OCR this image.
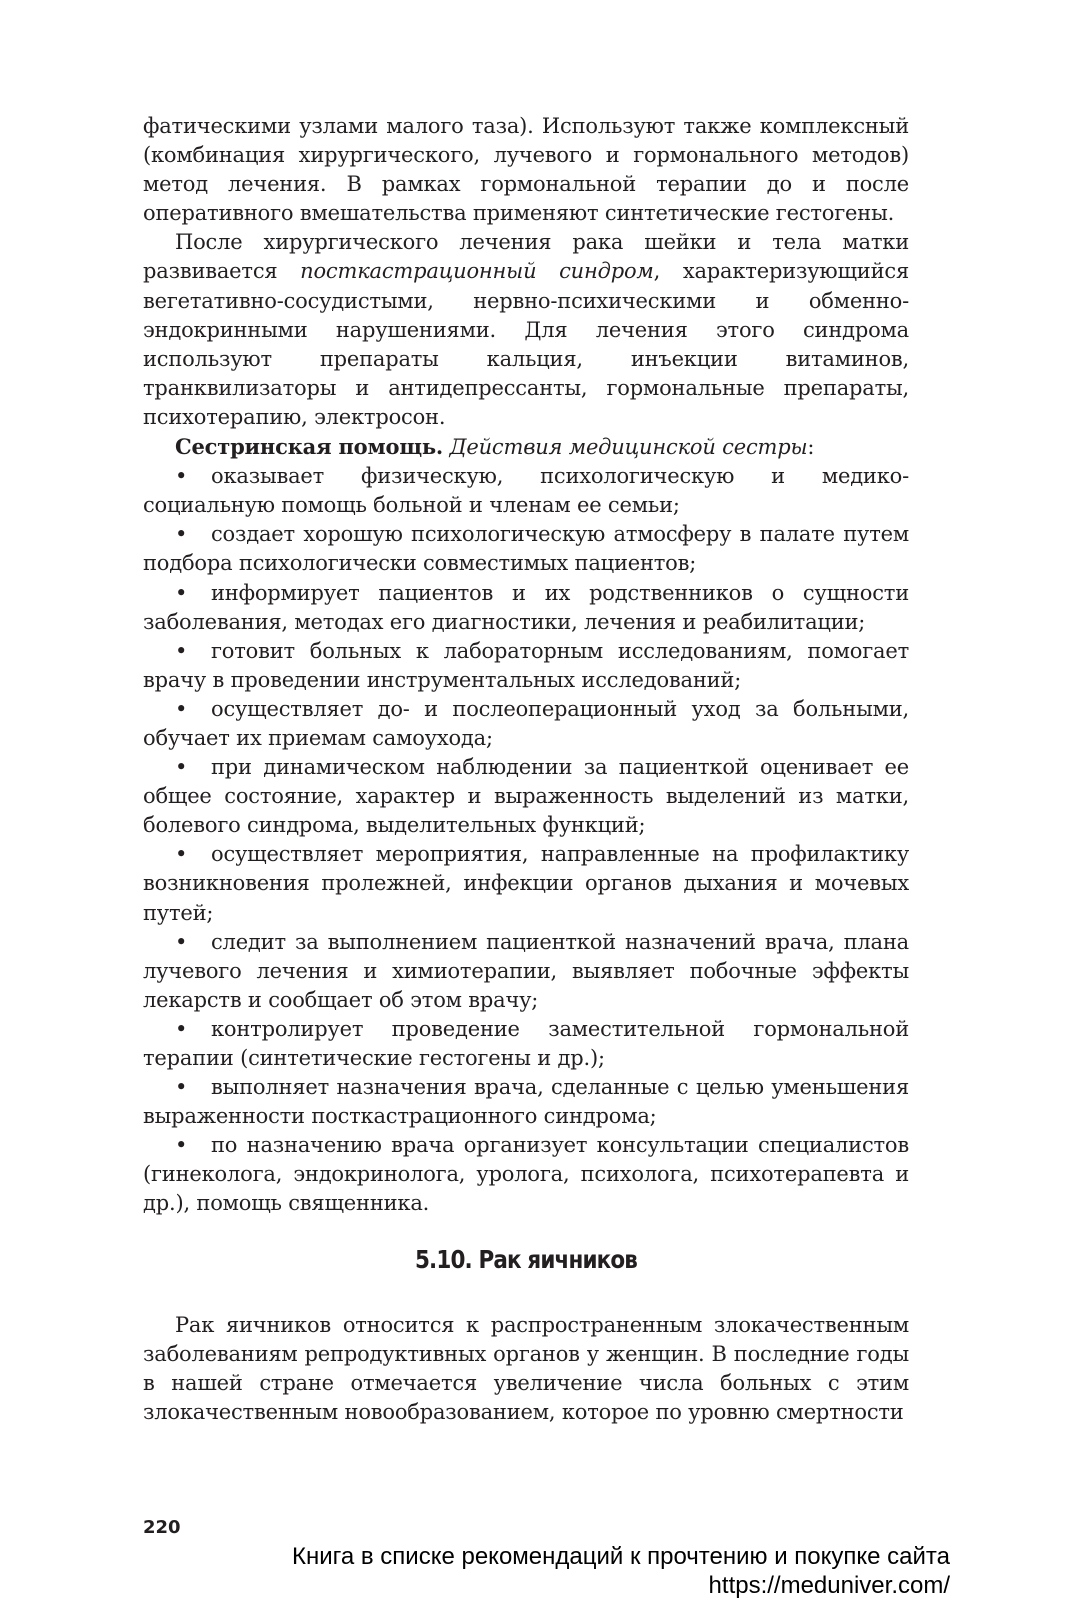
фатическими узлами малого таза). Используют также комплексный (комбинация хирургического, лучевого и гормонального методов) метод лечения. В рамках гормональной терапии до и после оперативного вмешательства применяют синтетические гестогены.

После хирургического лечения рака шейки и тела матки развивается посткастрационный синдром, характеризующийся вегетативно-сосудистыми, нервно-психическими и обменно-эндокринными нарушениями. Для лечения этого синдрома используют препараты кальция, инъекции витаминов, транквилизаторы и антидепрессанты, гормональные препараты, психотерапию, электросон.

Сестринская помощь. Действия медицинской сестры:

• оказывает физическую, психологическую и медико-социальную помощь больной и членам ее семьи;

• создает хорошую психологическую атмосферу в палате путем подбора психологически совместимых пациентов;

• информирует пациентов и их родственников о сущности заболевания, методах его диагностики, лечения и реабилитации;

• готовит больных к лабораторным исследованиям, помогает врачу в проведении инструментальных исследований;

• осуществляет до- и послеоперационный уход за больными, обучает их приемам самоухода;

• при динамическом наблюдении за пациенткой оценивает ее общее состояние, характер и выраженность выделений из матки, болевого синдрома, выделительных функций;

• осуществляет мероприятия, направленные на профилактику возникновения пролежней, инфекции органов дыхания и мочевых путей;

• следит за выполнением пациенткой назначений врача, плана лучевого лечения и химиотерапии, выявляет побочные эффекты лекарств и сообщает об этом врачу;

• контролирует проведение заместительной гормональной терапии (синтетические гестогены и др.);

• выполняет назначения врача, сделанные с целью уменьшения выраженности посткастрационного синдрома;

• по назначению врача организует консультации специалистов (гинеколога, эндокринолога, уролога, психолога, психотерапевта и др.), помощь священника.

5.10. Рак яичников

Рак яичников относится к распространенным злокачественным заболеваниям репродуктивных органов у женщин. В последние годы в нашей стране отмечается увеличение числа больных с этим злокачественным новообразованием, которое по уровню смертности

220
Книга в списке рекомендаций к прочтению и покупке сайта https://meduniver.com/
